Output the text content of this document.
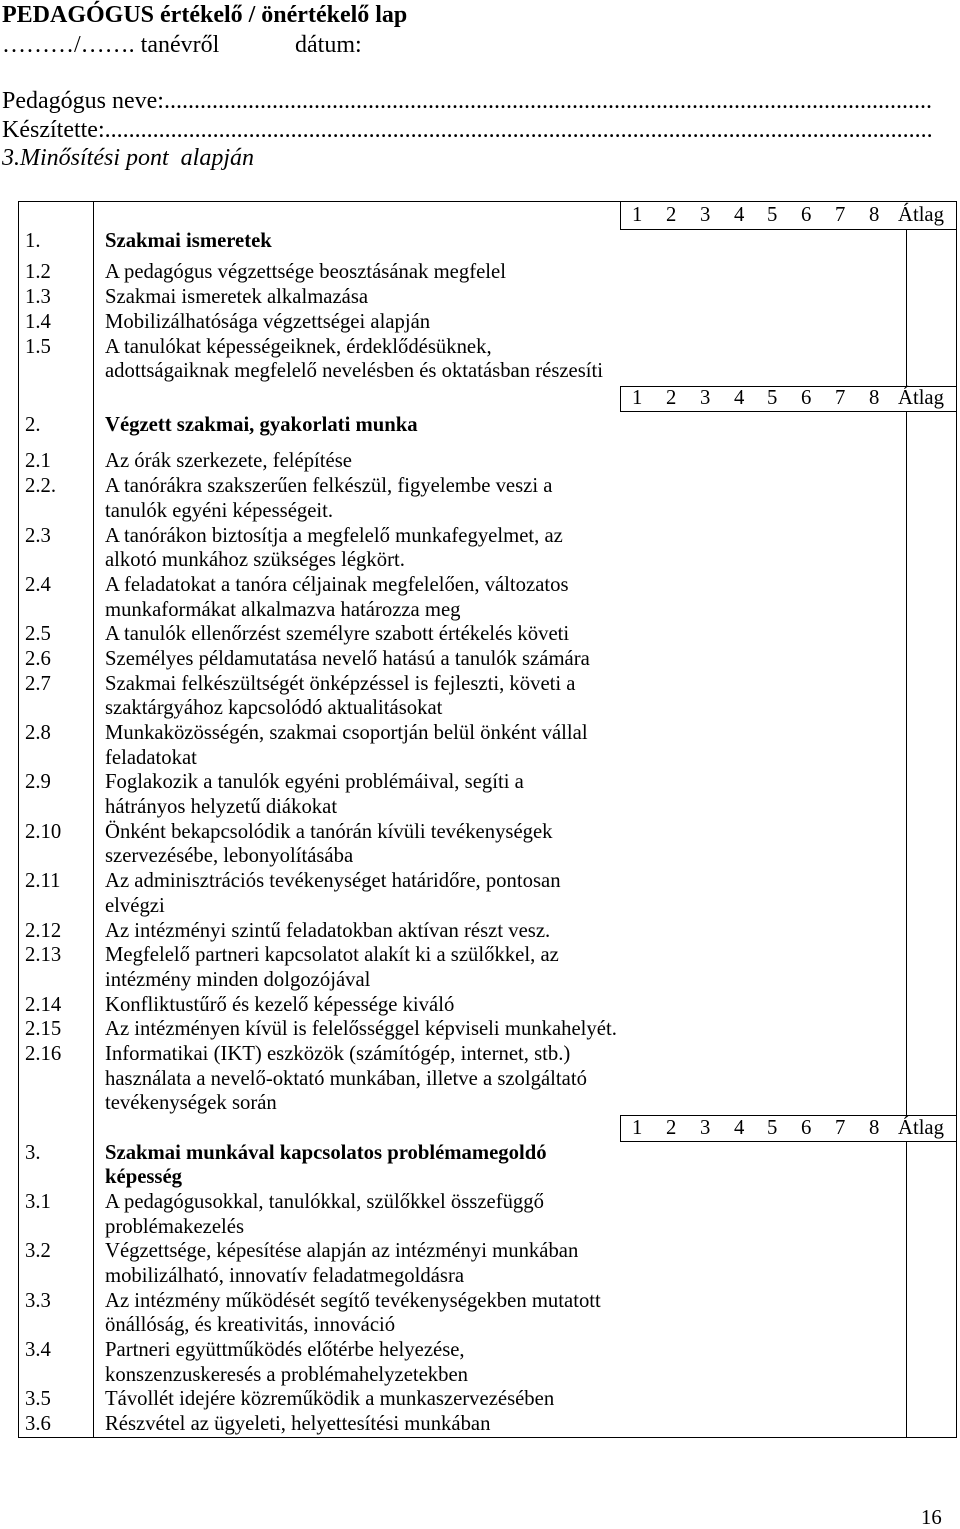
PEDAGÓGUS értékelő / önértékelő lap
………/……. tanévről	dátum:
Pedagógus neve:................................................................................................................................
Készítette:..........................................................................................................................................
3.Minősítési pont  alapján
1 2 3 4 5 6 7 8 Átlag
1 2 3 4 5 6 7 8 Átlag
1 2 3 4 5 6 7 8 Átlag
1.	Szakmai ismeretek
1.2	A pedagógus végzettsége beosztásának megfelel
1.3	Szakmai ismeretek alkalmazása
1.4	Mobilizálhatósága végzettségei alapján
1.5	A tanulókat képességeiknek, érdeklődésüknek,
adottságaiknak megfelelő nevelésben és oktatásban részesíti
2.	Végzett szakmai, gyakorlati munka
2.1	Az órák szerkezete, felépítése
2.2. A tanórákra szakszerűen felkészül, figyelembe veszi a
tanulók egyéni képességeit.
2.3	A tanórákon biztosítja a megfelelő munkafegyelmet, az
alkotó munkához szükséges légkört.
2.4	A feladatokat a tanóra céljainak megfelelően, változatos
munkaformákat alkalmazva határozza meg
2.5	A tanulók ellenőrzést személyre szabott értékelés követi
2.6	Személyes példamutatása nevelő hatású a tanulók számára
2.7	Szakmai felkészültségét önképzéssel is fejleszti, követi a
szaktárgyához kapcsolódó aktualitásokat
2.8	Munkaközösségén, szakmai csoportján belül önként vállal
feladatokat
2.9	Foglakozik a tanulók egyéni problémáival, segíti a
hátrányos helyzetű diákokat
2.10 Önként bekapcsolódik a tanórán kívüli tevékenységek
szervezésébe, lebonyolításába
2.11 Az adminisztrációs tevékenységet határidőre, pontosan
elvégzi
2.12 Az intézményi szintű feladatokban aktívan részt vesz.
2.13 Megfelelő partneri kapcsolatot alakít ki a szülőkkel, az
intézmény minden dolgozójával
2.14 Konfliktustűrő és kezelő képessége kiváló
2.15 Az intézményen kívül is felelősséggel képviseli munkahelyét.
2.16 Informatikai (IKT) eszközök (számítógép, internet, stb.)
használata a nevelő-oktató munkában, illetve a szolgáltató
tevékenységek során
3.	Szakmai munkával kapcsolatos problémamegoldó
képesség
3.1	A pedagógusokkal, tanulókkal, szülőkkel összefüggő
problémakezelés
3.2	Végzettsége, képesítése alapján az intézményi munkában
mobilizálható, innovatív feladatmegoldásra
3.3	Az intézmény működését segítő tevékenységekben mutatott
önállóság, és kreativitás, innováció
3.4	Partneri együttműködés előtérbe helyezése,
konszenzuskeresés a problémahelyzetekben
3.5	Távollét idejére közreműködik a munkaszervezésében
3.6	Részvétel az ügyeleti, helyettesítési munkában
16
